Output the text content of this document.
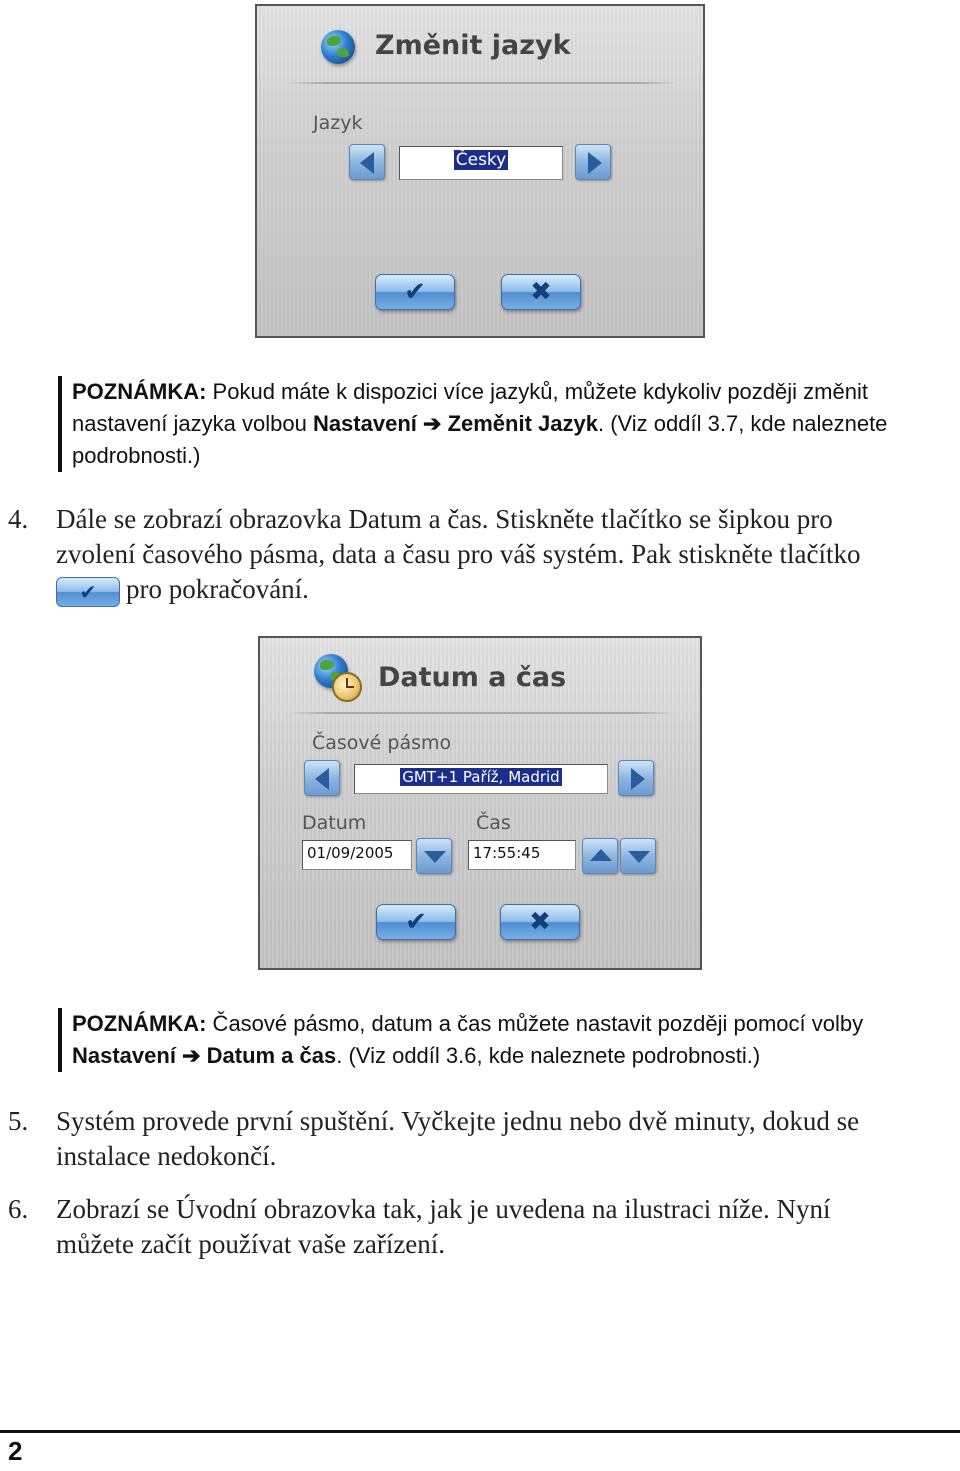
Změnit jazyk
Jazyk
Česky
✔	✖
POZNÁMKA: Pokud máte k dispozici více jazyků, můžete kdykoliv později změnit
nastavení jazyka volbou Nastavení ➔ Zeměnit Jazyk. (Viz oddíl 3.7, kde naleznete
podrobnosti.)
4. Dále se zobrazí obrazovka Datum a čas. Stiskněte tlačítko se šipkou pro
zvolení časového pásma, data a času pro váš systém. Pak stiskněte tlačítko
✔ pro pokračování.
Datum a čas
Časové pásmo
GMT+1 Paříž, Madrid
Datum	Čas
01/09/2005	17:55:45
✔	✖
POZNÁMKA: Časové pásmo, datum a čas můžete nastavit později pomocí volby
Nastavení ➔ Datum a čas. (Viz oddíl 3.6, kde naleznete podrobnosti.)
5. Systém provede první spuštění. Vyčkejte jednu nebo dvě minuty, dokud se
instalace nedokončí.
6. Zobrazí se Úvodní obrazovka tak, jak je uvedena na ilustraci níže. Nyní
můžete začít používat vaše zařízení.
2
